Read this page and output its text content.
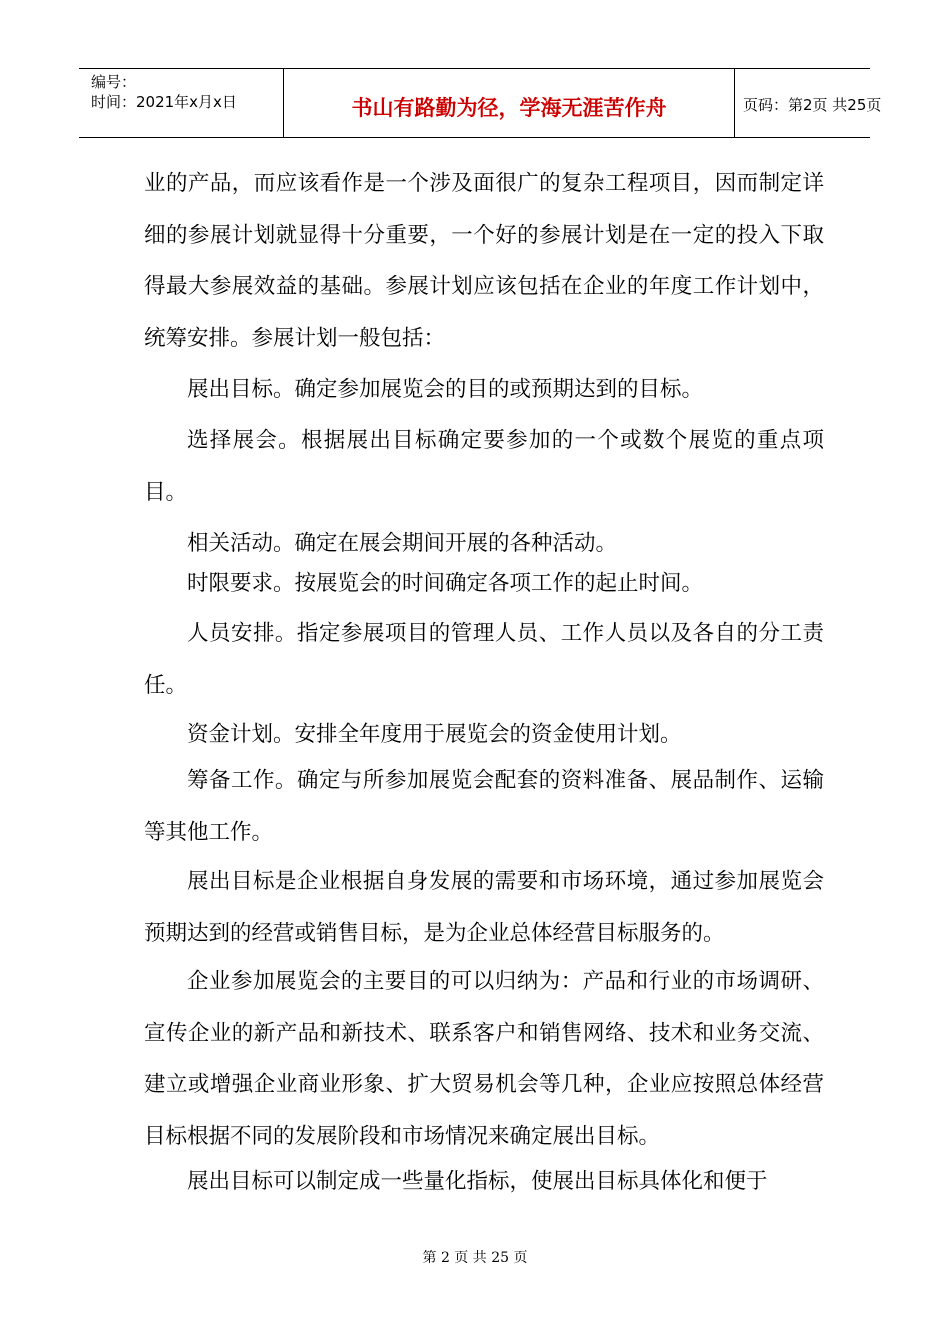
编号：
时间：2021年x月x日	书山有路勤为径，学海无涯苦作舟	页码：第2页 共25页

业的产品，而应该看作是一个涉及面很广的复杂工程项目，因而制定详细的参展计划就显得十分重要，一个好的参展计划是在一定的投入下取得最大参展效益的基础。参展计划应该包括在企业的年度工作计划中，统筹安排。参展计划一般包括：

展出目标。确定参加展览会的目的或预期达到的目标。

选择展会。根据展出目标确定要参加的一个或数个展览的重点项目。

相关活动。确定在展会期间开展的各种活动。

时限要求。按展览会的时间确定各项工作的起止时间。

人员安排。指定参展项目的管理人员、工作人员以及各自的分工责任。

资金计划。安排全年度用于展览会的资金使用计划。

筹备工作。确定与所参加展览会配套的资料准备、展品制作、运输等其他工作。

展出目标是企业根据自身发展的需要和市场环境，通过参加展览会预期达到的经营或销售目标，是为企业总体经营目标服务的。

企业参加展览会的主要目的可以归纳为：产品和行业的市场调研、宣传企业的新产品和新技术、联系客户和销售网络、技术和业务交流、建立或增强企业商业形象、扩大贸易机会等几种，企业应按照总体经营目标根据不同的发展阶段和市场情况来确定展出目标。

展出目标可以制定成一些量化指标，使展出目标具体化和便于

第 2 页 共 25 页
